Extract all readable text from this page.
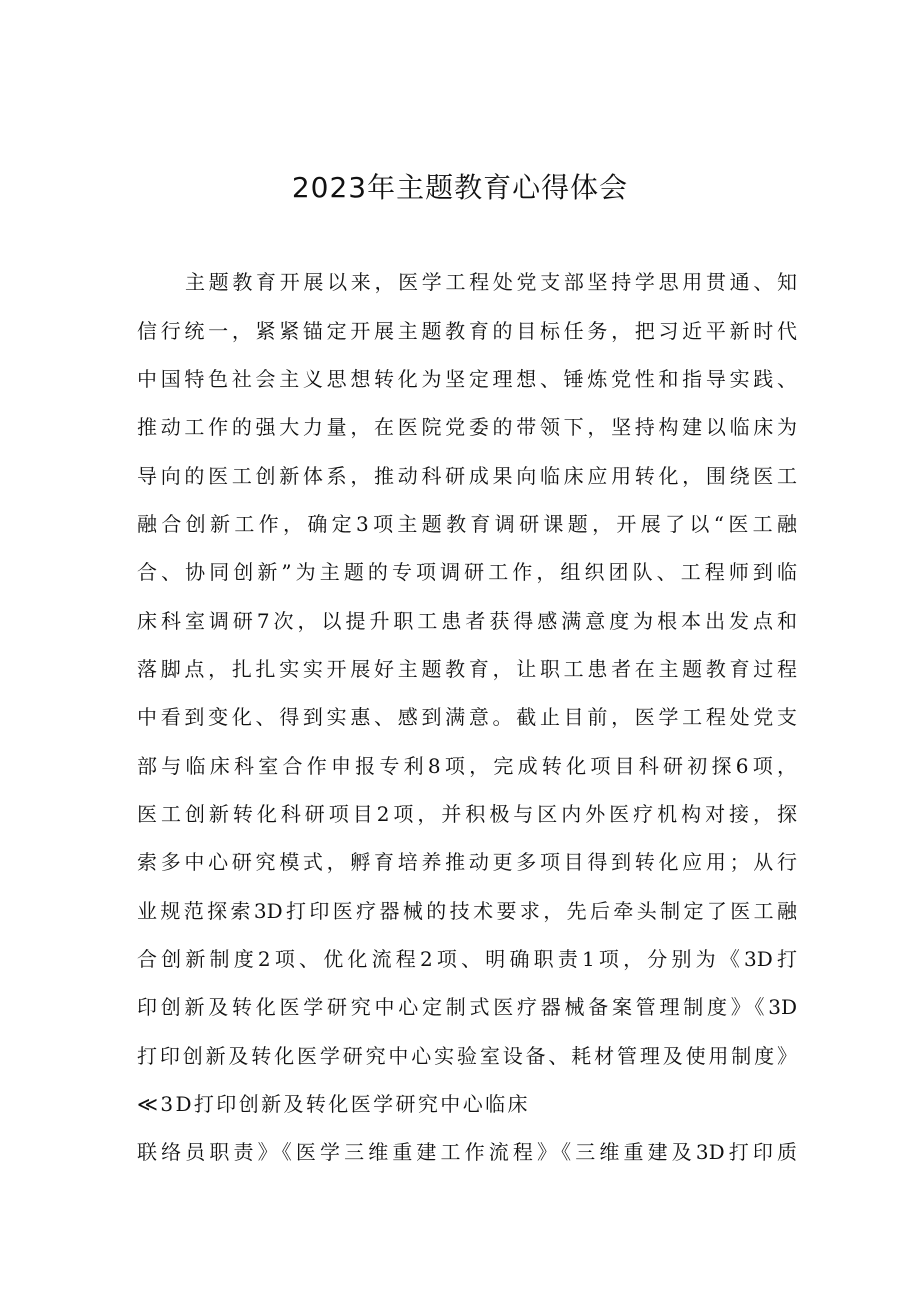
2023年主题教育心得体会
主题教育开展以来，医学工程处党支部坚持学思用贯通、知
信行统一，紧紧锚定开展主题教育的目标任务，把习近平新时代
中国特色社会主义思想转化为坚定理想、锤炼党性和指导实践、
推动工作的强大力量，在医院党委的带领下，坚持构建以临床为
导向的医工创新体系，推动科研成果向临床应用转化，围绕医工
融合创新工作，确定3项主题教育调研课题，开展了以“医工融
合、协同创新”为主题的专项调研工作，组织团队、工程师到临
床科室调研7次，以提升职工患者获得感满意度为根本出发点和
落脚点，扎扎实实开展好主题教育，让职工患者在主题教育过程
中看到变化、得到实惠、感到满意。截止目前，医学工程处党支
部与临床科室合作申报专利8项，完成转化项目科研初探6项，
医工创新转化科研项目2项，并积极与区内外医疗机构对接，探
索多中心研究模式，孵育培养推动更多项目得到转化应用；从行
业规范探索3D打印医疗器械的技术要求，先后牵头制定了医工融
合创新制度2项、优化流程2项、明确职责1项，分别为《3D打
印创新及转化医学研究中心定制式医疗器械备案管理制度》《3D
打印创新及转化医学研究中心实验室设备、耗材管理及使用制度》
≪3D打印创新及转化医学研究中心临床
联络员职责》《医学三维重建工作流程》《三维重建及3D打印质
